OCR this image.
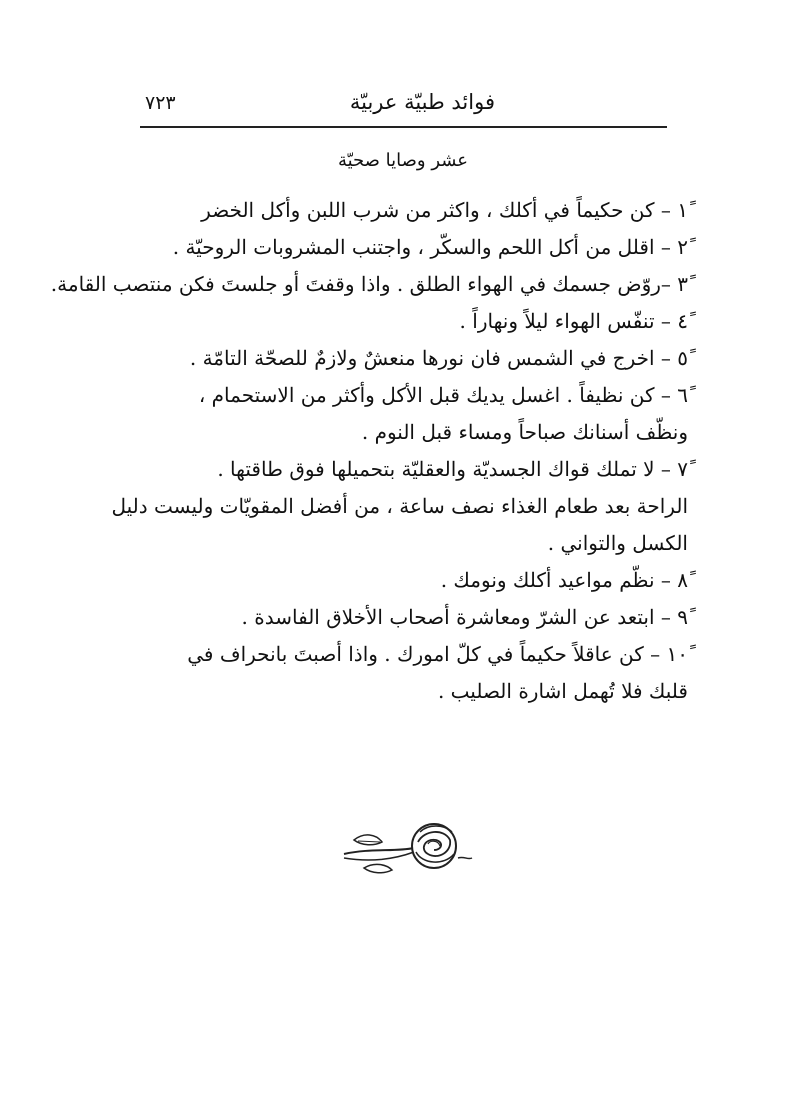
فوائد طبيّة عربيّة
٧٢٣
عشر وصايا صحيّة
١ً – كن حكيماً في أكلك ، واكثر من شرب اللبن وأكل الخضر
٢ً – اقلل من أكل اللحم والسكّر ، واجتنب المشروبات الروحيّة .
٣ً –روّض جسمك في الهواء الطلق . واذا وقفتَ أو جلستَ فكن منتصب القامة.
٤ً – تنفّس الهواء ليلاً ونهاراً .
٥ً – اخرج في الشمس فان نورها منعشٌ ولازمٌ للصحّة التامّة .
٦ً – كن نظيفاً . اغسل يديك قبل الأكل وأكثر من الاستحمام ،
ونظّف أسنانك صباحاً ومساء قبل النوم .
٧ً – لا تملك قواك الجسديّة والعقليّة بتحميلها فوق طاقتها .
الراحة بعد طعام الغذاء نصف ساعة ، من أفضل المقويّات وليست دليل
الكسل والتواني .
٨ً – نظّم مواعيد أكلك ونومك .
٩ً – ابتعد عن الشرّ ومعاشرة أصحاب الأخلاق الفاسدة .
١٠ً – كن عاقلاً حكيماً في كلّ امورك . واذا أصبتَ بانحراف في
قلبك فلا تُهمل اشارة الصليب .
